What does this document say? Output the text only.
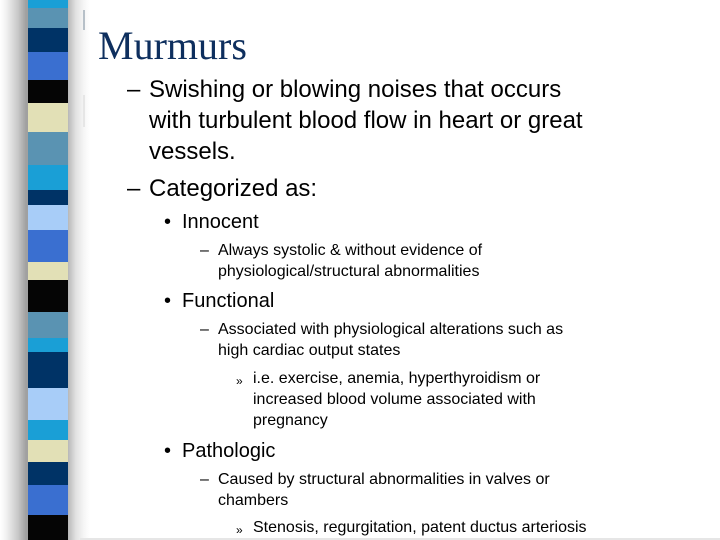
Murmurs
– Swishing or blowing noises that occurs
with turbulent blood flow in heart or great
vessels.
– Categorized as:
• Innocent
– Always systolic & without evidence of
physiological/structural abnormalities
• Functional
– Associated with physiological alterations such as
high cardiac output states
» i.e. exercise, anemia, hyperthyroidism or
increased blood volume associated with
pregnancy
• Pathologic
– Caused by structural abnormalities in valves or
chambers
» Stenosis, regurgitation, patent ductus arteriosis
